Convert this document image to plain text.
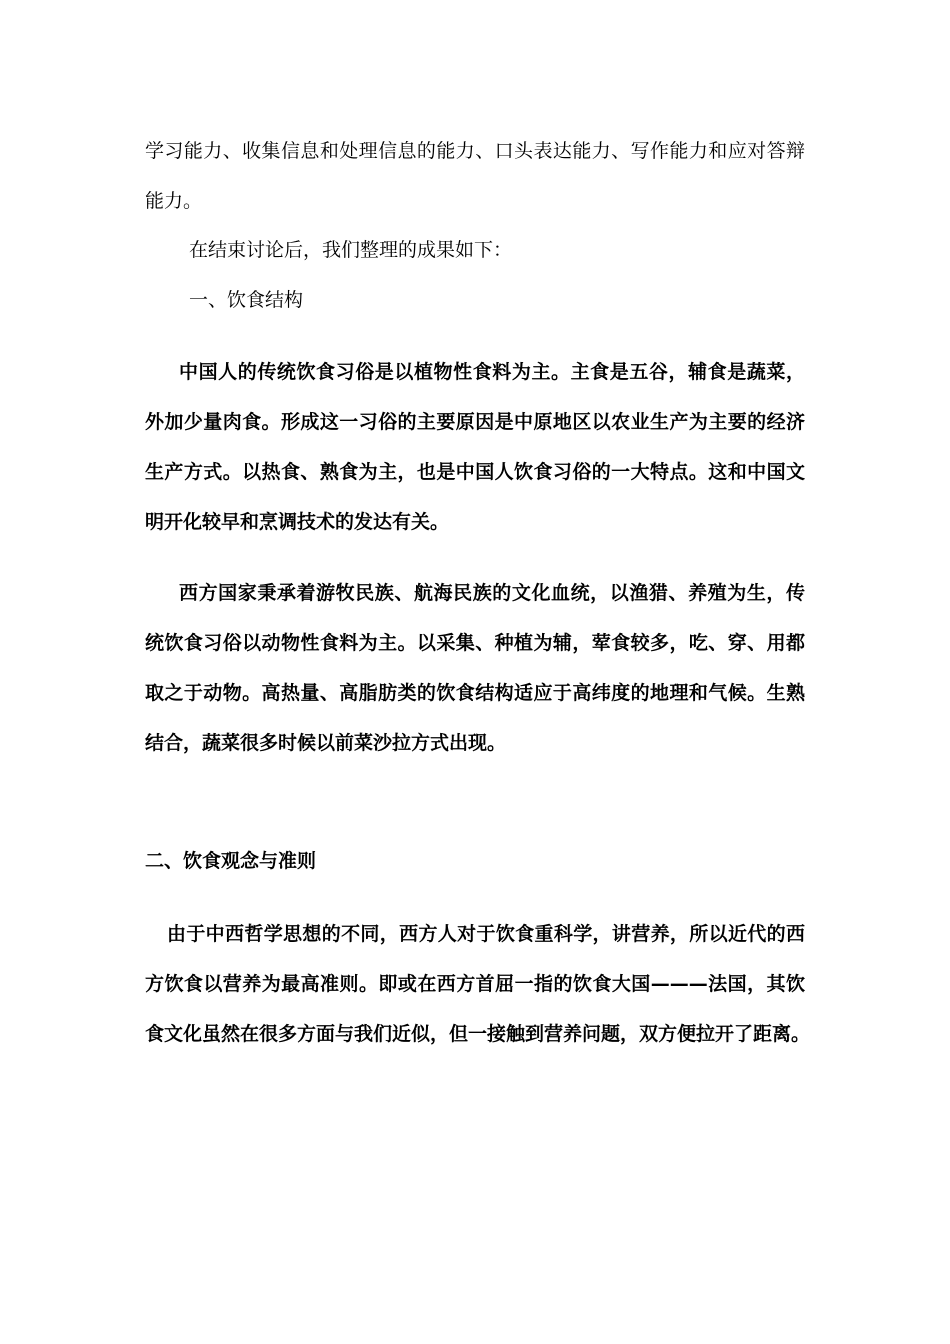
学习能力、收集信息和处理信息的能力、口头表达能力、写作能力和应对答辩
能力。
在结束讨论后，我们整理的成果如下：
一、饮食结构
中国人的传统饮食习俗是以植物性食料为主。主食是五谷，辅食是蔬菜，
外加少量肉食。形成这一习俗的主要原因是中原地区以农业生产为主要的经济
生产方式。以热食、熟食为主，也是中国人饮食习俗的一大特点。这和中国文
明开化较早和烹调技术的发达有关。
西方国家秉承着游牧民族、航海民族的文化血统，以渔猎、养殖为生，传
统饮食习俗以动物性食料为主。以采集、种植为辅，荤食较多，吃、穿、用都
取之于动物。高热量、高脂肪类的饮食结构适应于高纬度的地理和气候。生熟
结合，蔬菜很多时候以前菜沙拉方式出现。
二、饮食观念与准则
由于中西哲学思想的不同，西方人对于饮食重科学，讲营养，所以近代的西
方饮食以营养为最高准则。即或在西方首屈一指的饮食大国———法国，其饮
食文化虽然在很多方面与我们近似，但一接触到营养问题，双方便拉开了距离。
